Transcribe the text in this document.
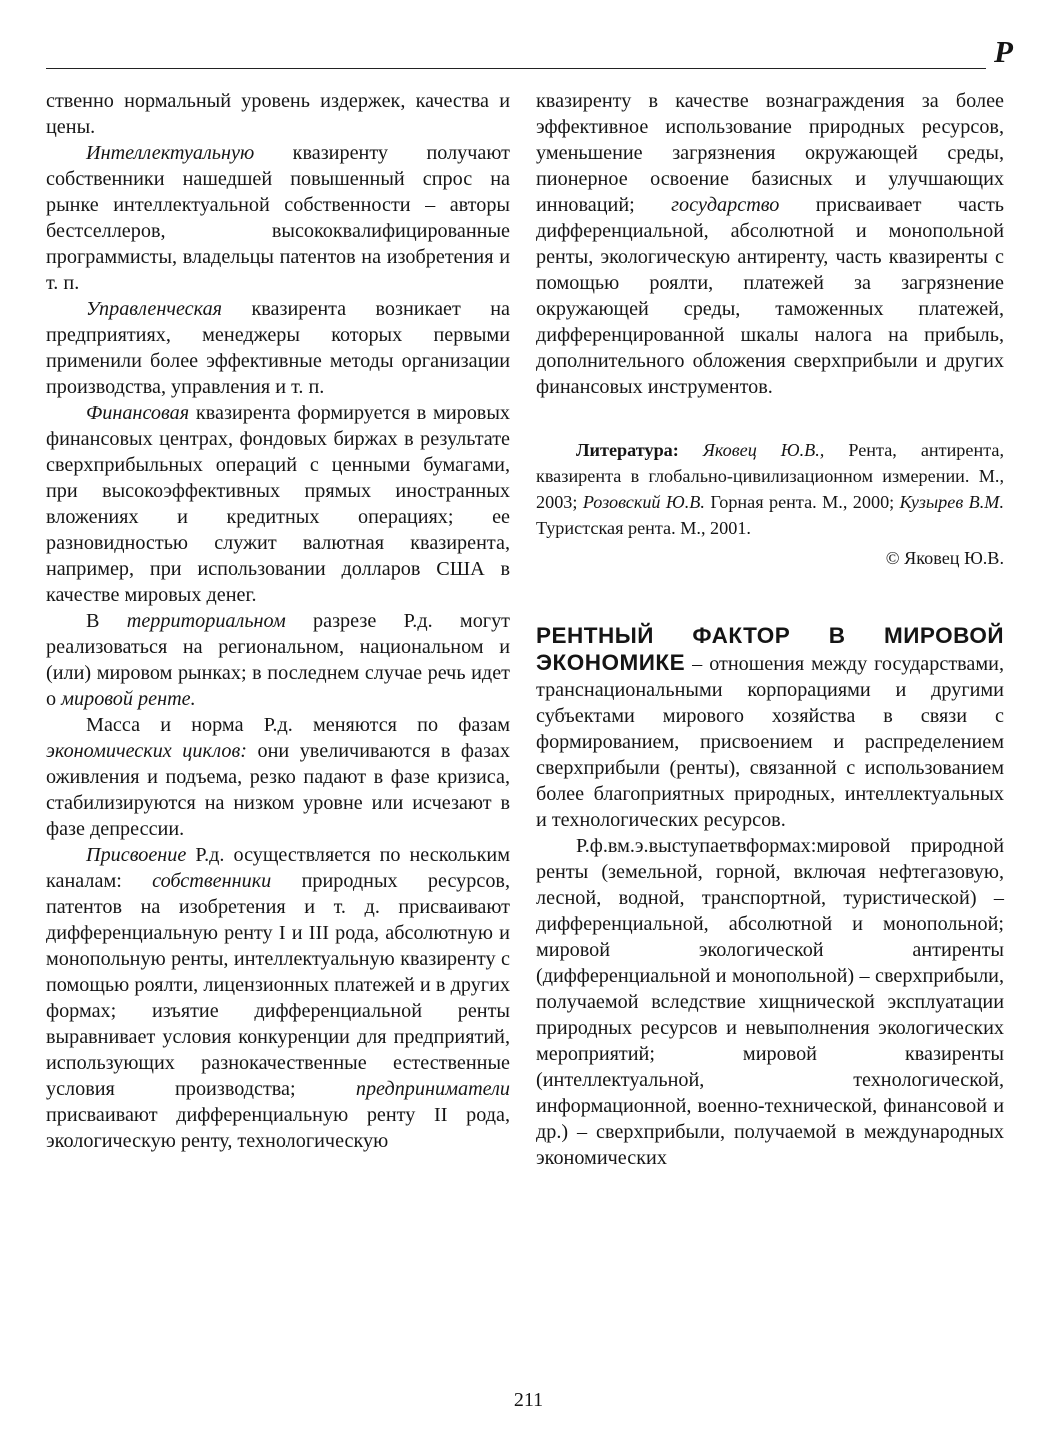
Р

ственно нормальный уровень издержек, качества и цены.

Интеллектуальную квазиренту получают собственники нашедшей повышенный спрос на рынке интеллектуальной собственности – авторы бестселлеров, высококвалифицированные программисты, владельцы патентов на изобретения и т. п.

Управленческая квазирента возникает на предприятиях, менеджеры которых первыми применили более эффективные методы организации производства, управления и т. п.

Финансовая квазирента формируется в мировых финансовых центрах, фондовых биржах в результате сверхприбыльных операций с ценными бумагами, при высокоэффективных прямых иностранных вложениях и кредитных операциях; ее разновидностью служит валютная квазирента, например, при использовании долларов США в качестве мировых денег.

В территориальном разрезе Р.д. могут реализоваться на региональном, национальном и (или) мировом рынках; в последнем случае речь идет о мировой ренте.

Масса и норма Р.д. меняются по фазам экономических циклов: они увеличиваются в фазах оживления и подъема, резко падают в фазе кризиса, стабилизируются на низком уровне или исчезают в фазе депрессии.

Присвоение Р.д. осуществляется по нескольким каналам: собственники природных ресурсов, патентов на изобретения и т. д. присваивают дифференциальную ренту I и III рода, абсолютную и монопольную ренты, интеллектуальную квазиренту с помощью роялти, лицензионных платежей и в других формах; изъятие дифференциальной ренты выравнивает условия конкуренции для предприятий, использующих разнокачественные естественные условия производства; предприниматели присваивают дифференциальную ренту II рода, экологическую ренту, технологическую

квазиренту в качестве вознаграждения за более эффективное использование природных ресурсов, уменьшение загрязнения окружающей среды, пионерное освоение базисных и улучшающих инноваций; государство присваивает часть дифференциальной, абсолютной и монопольной ренты, экологическую антиренту, часть квазиренты с помощью роялти, платежей за загрязнение окружающей среды, таможенных платежей, дифференцированной шкалы налога на прибыль, дополнительного обложения сверхприбыли и других финансовых инструментов.

Литература: Яковец Ю.В., Рента, антирента, квазирента в глобально-цивилизационном измерении. М., 2003; Розовский Ю.В. Горная рента. М., 2000; Кузырев В.М. Туристская рента. М., 2001.

© Яковец Ю.В.

РЕНТНЫЙ ФАКТОР В МИРОВОЙ ЭКОНОМИКЕ – отношения между государствами, транснациональными корпорациями и другими субъектами мирового хозяйства в связи с формированием, присвоением и распределением сверхприбыли (ренты), связанной с использованием более благоприятных природных, интеллектуальных и технологических ресурсов.

Р.ф.вм.э.выступаетвформах:мировой природной ренты (земельной, горной, включая нефтегазовую, лесной, водной, транспортной, туристической) – дифференциальной, абсолютной и монопольной; мировой экологической антиренты (дифференциальной и монопольной) – сверхприбыли, получаемой вследствие хищнической эксплуатации природных ресурсов и невыполнения экологических мероприятий; мировой квазиренты (интеллектуальной, технологической, информационной, военно-технической, финансовой и др.) – сверхприбыли, получаемой в международных экономических

211
